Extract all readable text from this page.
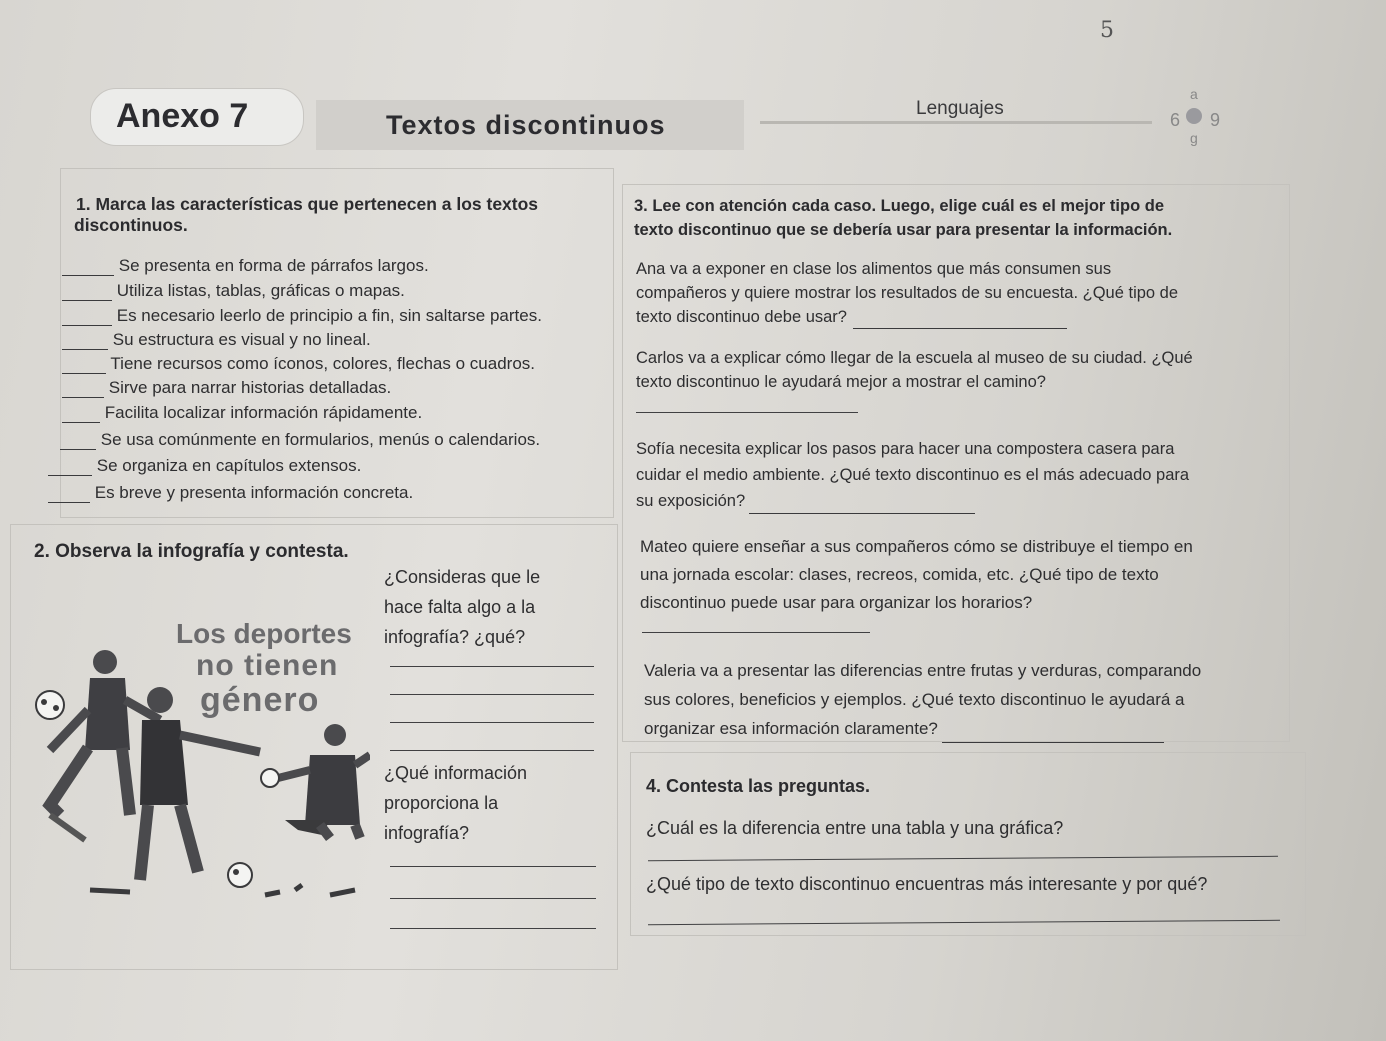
5
Anexo 7	Textos discontinuos
Lenguajes
a
6 9
g
1. Marca las características que pertenecen a los textos
discontinuos.
Se presenta en forma de párrafos largos.
Utiliza listas, tablas, gráficas o mapas.
Es necesario leerlo de principio a fin, sin saltarse partes.
Su estructura es visual y no lineal.
Tiene recursos como íconos, colores, flechas o cuadros.
Sirve para narrar historias detalladas.
Facilita localizar información rápidamente.
Se usa comúnmente en formularios, menús o calendarios.
Se organiza en capítulos extensos.
Es breve y presenta información concreta.
2. Observa la infografía y contesta.
Los deportes
no tienen
género
¿Consideras que le
hace falta algo a la
infografía? ¿qué?
¿Qué información
proporciona la
infografía?
3. Lee con atención cada caso. Luego, elige cuál es el mejor tipo de
texto discontinuo que se debería usar para presentar la información.
Ana va a exponer en clase los alimentos que más consumen sus
compañeros y quiere mostrar los resultados de su encuesta. ¿Qué tipo de
texto discontinuo debe usar?
Carlos va a explicar cómo llegar de la escuela al museo de su ciudad. ¿Qué
texto discontinuo le ayudará mejor a mostrar el camino?
Sofía necesita explicar los pasos para hacer una compostera casera para
cuidar el medio ambiente. ¿Qué texto discontinuo es el más adecuado para
su exposición?
Mateo quiere enseñar a sus compañeros cómo se distribuye el tiempo en
una jornada escolar: clases, recreos, comida, etc. ¿Qué tipo de texto
discontinuo puede usar para organizar los horarios?
Valeria va a presentar las diferencias entre frutas y verduras, comparando
sus colores, beneficios y ejemplos. ¿Qué texto discontinuo le ayudará a
organizar esa información claramente?
4. Contesta las preguntas.
¿Cuál es la diferencia entre una tabla y una gráfica?
¿Qué tipo de texto discontinuo encuentras más interesante y por qué?
